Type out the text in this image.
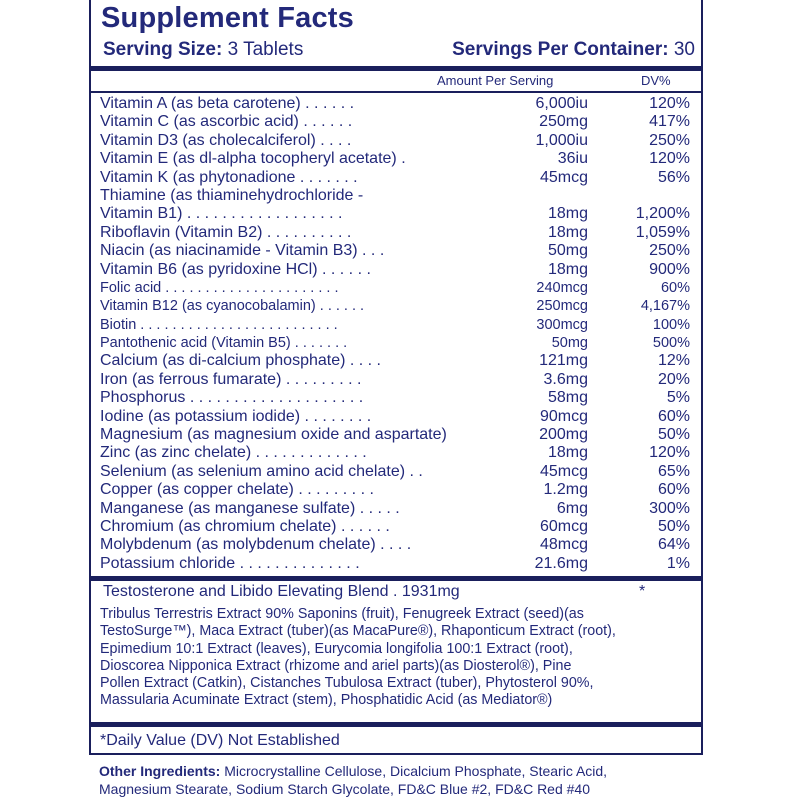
Supplement Facts
Serving Size: 3 Tablets	Servings Per Container: 30
Amount Per Serving	DV%
Vitamin A (as beta carotene) . . . . . .	6,000iu	120%
Vitamin C (as ascorbic acid) . . . . . .	250mg	417%
Vitamin D3 (as cholecalciferol) . . . .	1,000iu	250%
Vitamin E (as dl-alpha tocopheryl acetate) .	36iu	120%
Vitamin K (as phytonadione . . . . . . .	45mcg	56%
Thiamine (as thiaminehydrochloride -
Vitamin B1) . . . . . . . . . . . . . . . . . .	18mg	1,200%
Riboflavin (Vitamin B2) . . . . . . . . . .	18mg	1,059%
Niacin (as niacinamide - Vitamin B3) . . .	50mg	250%
Vitamin B6 (as pyridoxine HCl) . . . . . .	18mg	900%
Folic acid . . . . . . . . . . . . . . . . . . . . . .	240mcg	60%
Vitamin B12 (as cyanocobalamin) . . . . . .	250mcg	4,167%
Biotin . . . . . . . . . . . . . . . . . . . . . . . . .	300mcg	100%
Pantothenic acid (Vitamin B5) . . . . . . .	50mg	500%
Calcium (as di-calcium phosphate) . . . .	121mg	12%
Iron (as ferrous fumarate) . . . . . . . . .	3.6mg	20%
Phosphorus . . . . . . . . . . . . . . . . . . . .	58mg	5%
Iodine (as potassium iodide) . . . . . . . .	90mcg	60%
Magnesium (as magnesium oxide and aspartate)	200mg	50%
Zinc (as zinc chelate) . . . . . . . . . . . . .	18mg	120%
Selenium (as selenium amino acid chelate) . .	45mcg	65%
Copper (as copper chelate) . . . . . . . . .	1.2mg	60%
Manganese (as manganese sulfate) . . . . .	6mg	300%
Chromium (as chromium chelate) . . . . . .	60mcg	50%
Molybdenum (as molybdenum chelate) . . . .	48mcg	64%
Potassium chloride . . . . . . . . . . . . . .	21.6mg	1%
Testosterone and Libido Elevating Blend . 1931mg	*
Tribulus Terrestris Extract 90% Saponins (fruit), Fenugreek Extract (seed)(as
TestoSurge™), Maca Extract (tuber)(as MacaPure®), Rhaponticum Extract (root),
Epimedium 10:1 Extract (leaves), Eurycomia longifolia 100:1 Extract (root),
Dioscorea Nipponica Extract (rhizome and ariel parts)(as Diosterol®), Pine
Pollen Extract (Catkin), Cistanches Tubulosa Extract (tuber), Phytosterol 90%,
Massularia Acuminate Extract (stem), Phosphatidic Acid (as Mediator®)
*Daily Value (DV) Not Established
Other Ingredients: Microcrystalline Cellulose, Dicalcium Phosphate, Stearic Acid,
Magnesium Stearate, Sodium Starch Glycolate, FD&C Blue #2, FD&C Red #40
